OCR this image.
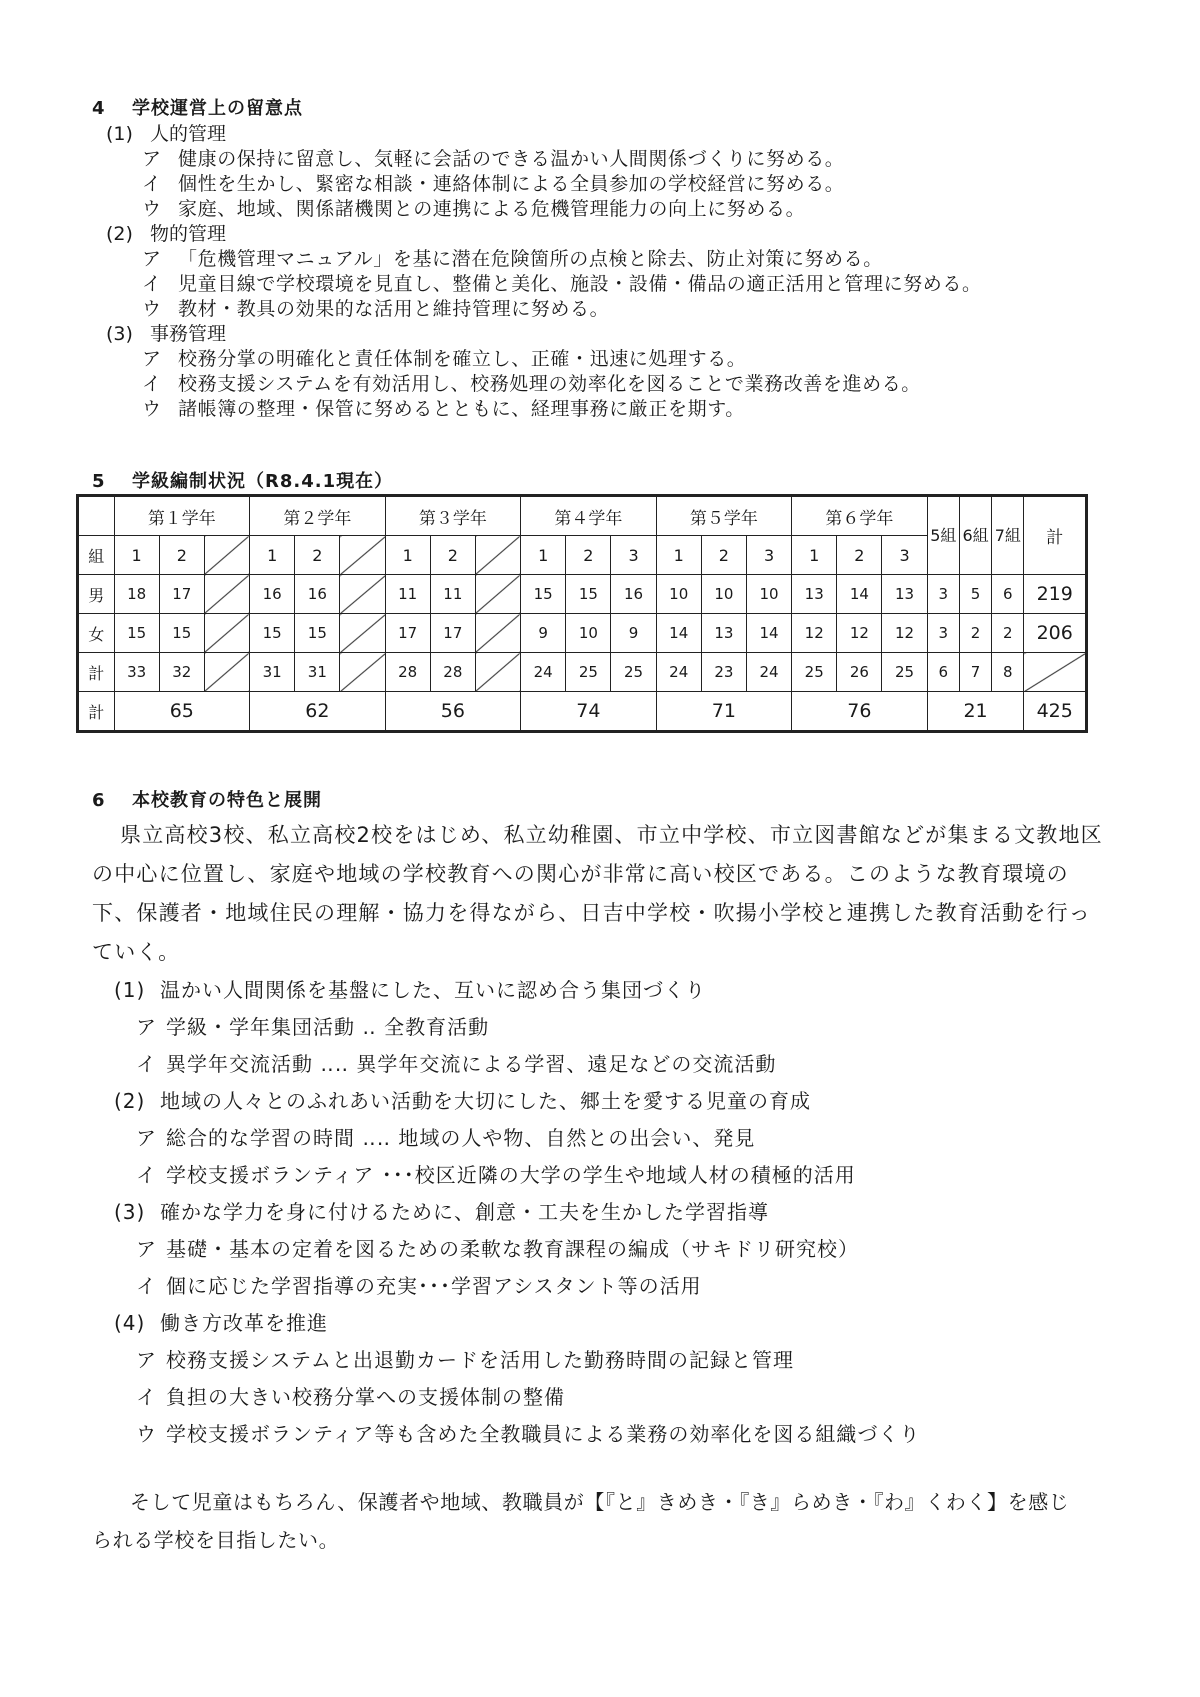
4 学校運営上の留意点
(1) 人的管理
ア 健康の保持に留意し、気軽に会話のできる温かい人間関係づくりに努める。
イ 個性を生かし、緊密な相談・連絡体制による全員参加の学校経営に努める。
ウ 家庭、地域、関係諸機関との連携による危機管理能力の向上に努める。
(2) 物的管理
ア 「危機管理マニュアル」を基に潜在危険箇所の点検と除去、防止対策に努める。
イ 児童目線で学校環境を見直し、整備と美化、施設・設備・備品の適正活用と管理に努める。
ウ 教材・教具の効果的な活用と維持管理に努める。
(3) 事務管理
ア 校務分掌の明確化と責任体制を確立し、正確・迅速に処理する。
イ 校務支援システムを有効活用し、校務処理の効率化を図ることで業務改善を進める。
ウ 諸帳簿の整理・保管に努めるとともに、経理事務に厳正を期す。
5 学級編制状況（R8.4.1現在）
	第１学年			第２学年			第３学年			第４学年			第５学年			第６学年			5組	6組	7組	計
組	1	2		1	2		1	2		1	2	3	1	2	3	1	2	3				
男	18	17		16	16		11	11		15	15	16	10	10	10	13	14	13	3	5	6	219
女	15	15		15	15		17	17		9	10	9	14	13	14	12	12	12	3	2	2	206
計	33	32		31	31		28	28		24	25	25	24	23	24	25	26	25	6	7	8	
計	65			62			56			74			71			76			21			425
6 本校教育の特色と展開
県立高校3校、私立高校2校をはじめ、私立幼稚園、市立中学校、市立図書館などが集まる文教地区の中心に位置し、家庭や地域の学校教育への関心が非常に高い校区である。このような教育環境の下、保護者・地域住民の理解・協力を得ながら、日吉中学校・吹揚小学校と連携した教育活動を行っていく。
(1) 温かい人間関係を基盤にした、互いに認め合う集団づくり
ア 学級・学年集団活動 ‥ 全教育活動
イ 異学年交流活動 ‥‥ 異学年交流による学習、遠足などの交流活動
(2) 地域の人々とのふれあい活動を大切にした、郷土を愛する児童の育成
ア 総合的な学習の時間 ‥‥ 地域の人や物、自然との出会い、発見
イ 学校支援ボランティア ･･･校区近隣の大学の学生や地域人材の積極的活用
(3) 確かな学力を身に付けるために、創意・工夫を生かした学習指導
ア 基礎・基本の定着を図るための柔軟な教育課程の編成（サキドリ研究校）
イ 個に応じた学習指導の充実･･･学習アシスタント等の活用
(4) 働き方改革を推進
ア 校務支援システムと出退勤カードを活用した勤務時間の記録と管理
イ 負担の大きい校務分掌への支援体制の整備
ウ 学校支援ボランティア等も含めた全教職員による業務の効率化を図る組織づくり
そして児童はもちろん、保護者や地域、教職員が【『と』きめき・『き』らめき・『わ』くわく】を感じ
られる学校を目指したい。
